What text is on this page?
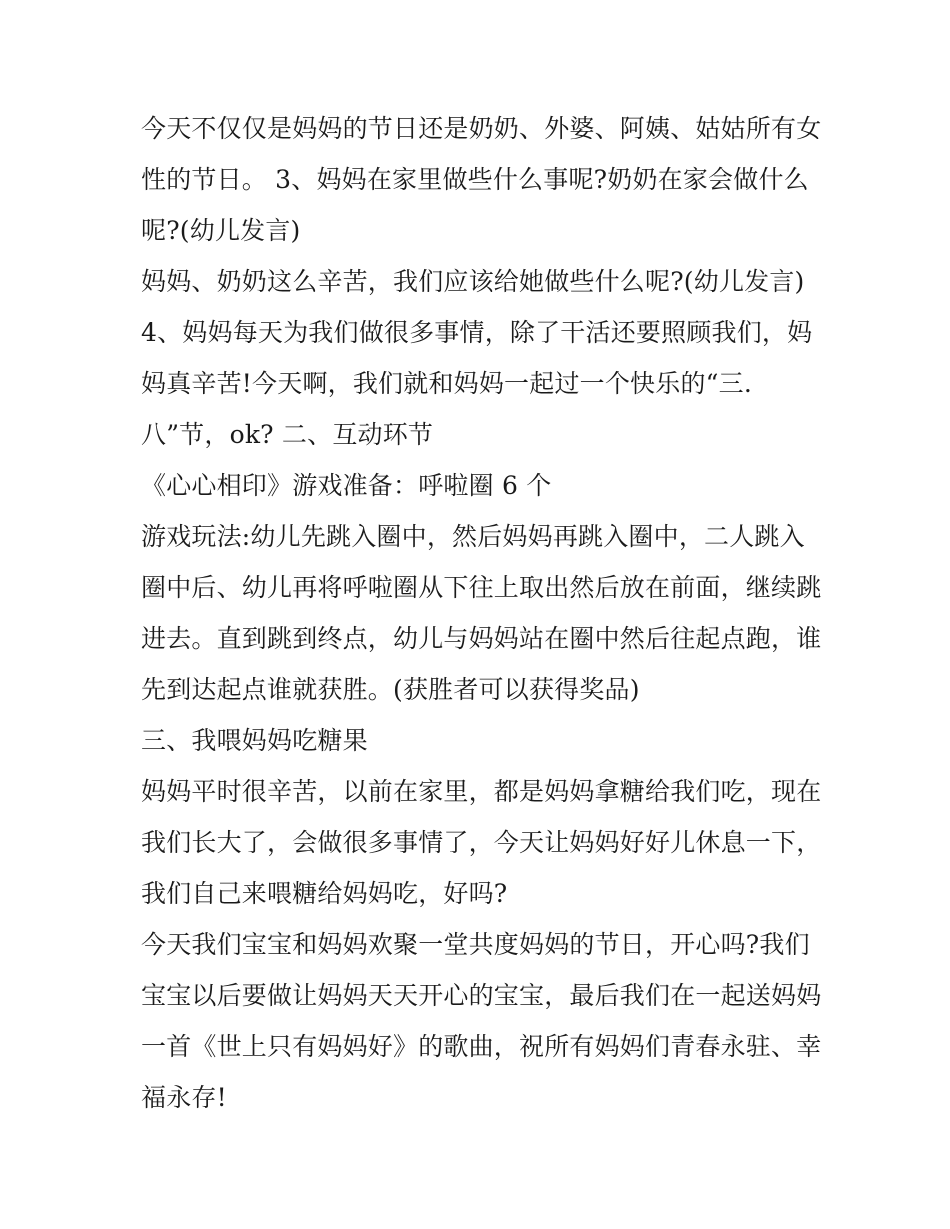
今天不仅仅是妈妈的节日还是奶奶、外婆、阿姨、姑姑所有女
性的节日。 3、妈妈在家里做些什么事呢?奶奶在家会做什么
呢?(幼儿发言)
妈妈、奶奶这么辛苦，我们应该给她做些什么呢?(幼儿发言)
4、妈妈每天为我们做很多事情，除了干活还要照顾我们，妈
妈真辛苦!今天啊，我们就和妈妈一起过一个快乐的“三.
八”节，ok? 二、互动环节
《心心相印》游戏准备：呼啦圈 6 个
游戏玩法:幼儿先跳入圈中，然后妈妈再跳入圈中，二人跳入
圈中后、幼儿再将呼啦圈从下往上取出然后放在前面，继续跳
进去。直到跳到终点，幼儿与妈妈站在圈中然后往起点跑，谁
先到达起点谁就获胜。(获胜者可以获得奖品)
三、我喂妈妈吃糖果
妈妈平时很辛苦，以前在家里，都是妈妈拿糖给我们吃，现在
我们长大了，会做很多事情了，今天让妈妈好好儿休息一下，
我们自己来喂糖给妈妈吃，好吗?
今天我们宝宝和妈妈欢聚一堂共度妈妈的节日，开心吗?我们
宝宝以后要做让妈妈天天开心的宝宝，最后我们在一起送妈妈
一首《世上只有妈妈好》的歌曲，祝所有妈妈们青春永驻、幸
福永存!
